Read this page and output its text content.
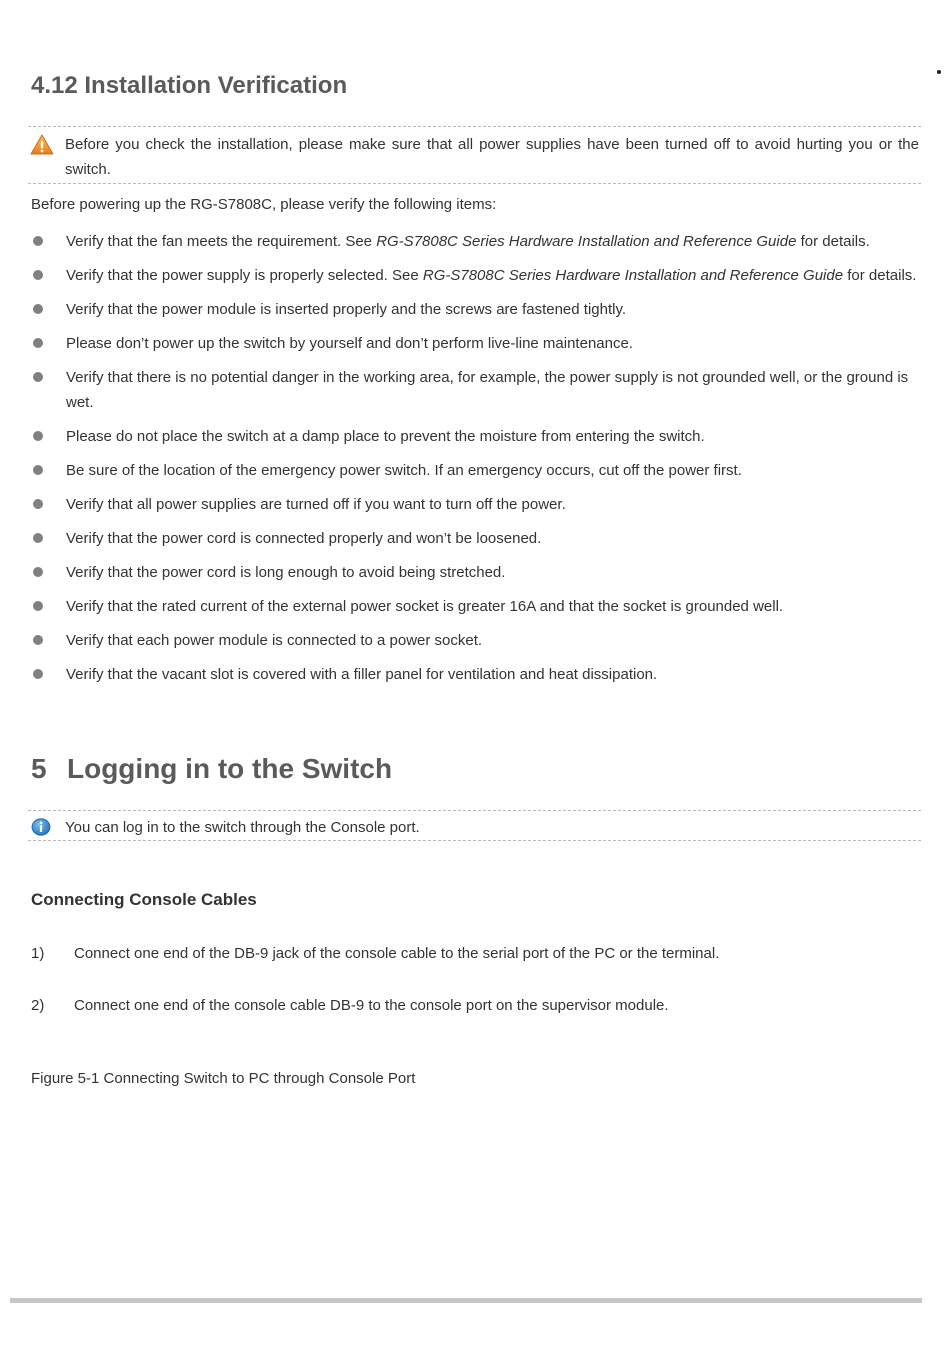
4.12 Installation Verification
Before you check the installation, please make sure that all power supplies have been turned off to avoid hurting you or the switch.

Before powering up the RG-S7808C, please verify the following items:

Verify that the fan meets the requirement. See RG-S7808C Series Hardware Installation and Reference Guide for details.
Verify that the power supply is properly selected. See RG-S7808C Series Hardware Installation and Reference Guide for details.
Verify that the power module is inserted properly and the screws are fastened tightly.
Please don’t power up the switch by yourself and don’t perform live-line maintenance.
Verify that there is no potential danger in the working area, for example, the power supply is not grounded well, or the ground is wet.
Please do not place the switch at a damp place to prevent the moisture from entering the switch.
Be sure of the location of the emergency power switch. If an emergency occurs, cut off the power first.
Verify that all power supplies are turned off if you want to turn off the power.
Verify that the power cord is connected properly and won’t be loosened.
Verify that the power cord is long enough to avoid being stretched.
Verify that the rated current of the external power socket is greater 16A and that the socket is grounded well.
Verify that each power module is connected to a power socket.
Verify that the vacant slot is covered with a filler panel for ventilation and heat dissipation.
5 Logging in to the Switch
You can log in to the switch through the Console port.
Connecting Console Cables
1) Connect one end of the DB-9 jack of the console cable to the serial port of the PC or the terminal.
2) Connect one end of the console cable DB-9 to the console port on the supervisor module.

Figure 5-1 Connecting Switch to PC through Console Port
